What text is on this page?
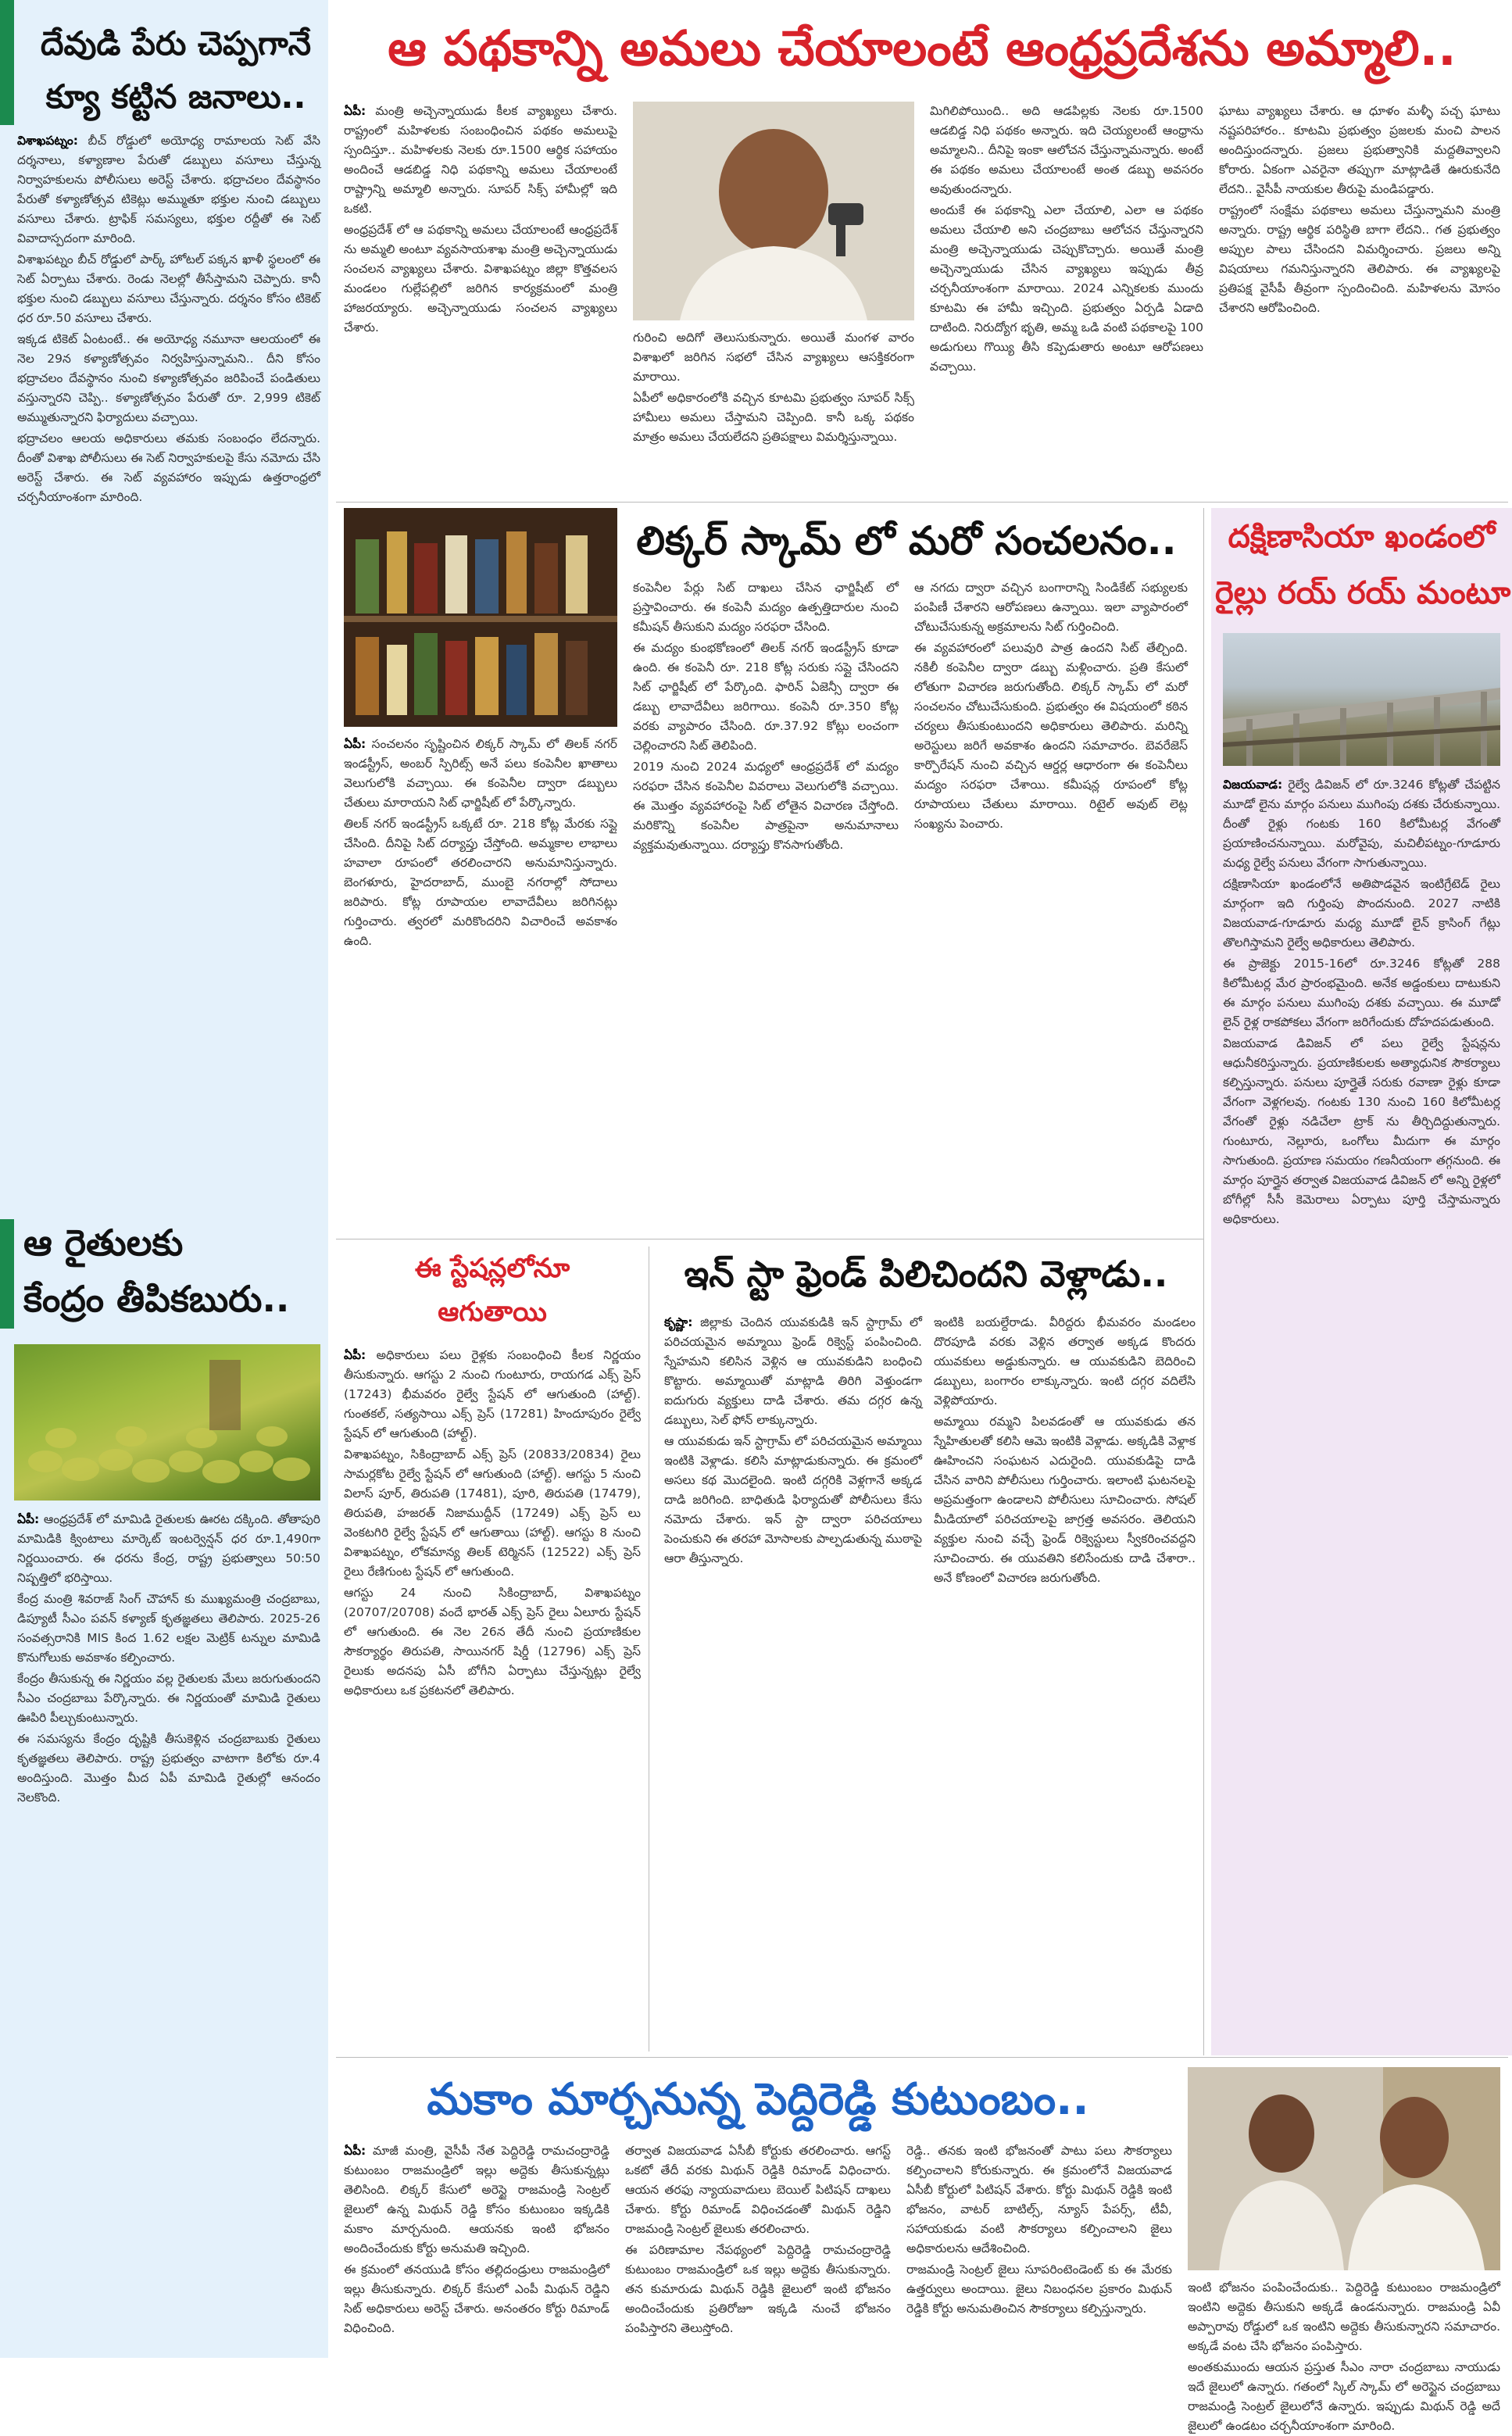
దేవుడి పేరు చెప్పగానే
క్యూ కట్టిన జనాలు..

విశాఖపట్నం: బీచ్ రోడ్డులో అయోధ్య రామాలయ సెట్ వేసి దర్శనాలు, కళ్యాణాల పేరుతో డబ్బులు వసూలు చేస్తున్న నిర్వాహకులను పోలీసులు అరెస్ట్ చేశారు. భద్రాచలం దేవస్థానం పేరుతో కళ్యాణోత్సవ టికెట్లు అమ్ముతూ భక్తుల నుంచి డబ్బులు వసూలు చేశారు. ట్రాఫిక్ సమస్యలు, భక్తుల రద్దీతో ఈ సెట్ వివాదాస్పదంగా మారింది.

విశాఖపట్నం బీచ్ రోడ్డులో పార్క్ హోటల్ పక్కన ఖాళీ స్థలంలో ఈ సెట్ ఏర్పాటు చేశారు. రెండు నెలల్లో తీసేస్తామని చెప్పారు. కానీ భక్తుల నుంచి డబ్బులు వసూలు చేస్తున్నారు. దర్శనం కోసం టికెట్ ధర రూ.50 వసూలు చేశారు.

ఇక్కడ టికెట్ ఏంటంటే.. ఈ అయోధ్య నమూనా ఆలయంలో ఈ నెల 29న కళ్యాణోత్సవం నిర్వహిస్తున్నామని.. దీని కోసం భద్రాచలం దేవస్థానం నుంచి కళ్యాణోత్సవం జరిపించే పండితులు వస్తున్నారని చెప్పి.. కళ్యాణోత్సవం పేరుతో రూ. 2,999 టికెట్ అమ్ముతున్నారని ఫిర్యాదులు వచ్చాయి.

భద్రాచలం ఆలయ అధికారులు తమకు సంబంధం లేదన్నారు. దీంతో విశాఖ పోలీసులు ఈ సెట్ నిర్వాహకులపై కేసు నమోదు చేసి అరెస్ట్ చేశారు. ఈ సెట్ వ్యవహారం ఇప్పుడు ఉత్తరాంధ్రలో చర్చనీయాంశంగా మారింది.

ఆ రైతులకు
కేంద్రం తీపికబురు..

ఏపీ: ఆంధ్రప్రదేశ్ లో మామిడి రైతులకు ఊరట దక్కింది. తోతాపురి మామిడికి క్వింటాలు మార్కెట్ ఇంటర్వెన్షన్ ధర రూ.1,490గా నిర్ణయించారు. ఈ ధరను కేంద్ర, రాష్ట్ర ప్రభుత్వాలు 50:50 నిష్పత్తిలో భరిస్తాయి.

కేంద్ర మంత్రి శివరాజ్ సింగ్ చౌహాన్ కు ముఖ్యమంత్రి చంద్రబాబు, డిప్యూటీ సీఎం పవన్ కళ్యాణ్ కృతజ్ఞతలు తెలిపారు. 2025-26 సంవత్సరానికి MIS కింద 1.62 లక్షల మెట్రిక్ టన్నుల మామిడి కొనుగోలుకు అవకాశం కల్పించారు.

కేంద్రం తీసుకున్న ఈ నిర్ణయం వల్ల రైతులకు మేలు జరుగుతుందని సీఎం చంద్రబాబు పేర్కొన్నారు. ఈ నిర్ణయంతో మామిడి రైతులు ఊపిరి పీల్చుకుంటున్నారు.

ఈ సమస్యను కేంద్రం దృష్టికి తీసుకెళ్లిన చంద్రబాబుకు రైతులు కృతజ్ఞతలు తెలిపారు. రాష్ట్ర ప్రభుత్వం వాటాగా కిలోకు రూ.4 అందిస్తుంది. మొత్తం మీద ఏపీ మామిడి రైతుల్లో ఆనందం నెలకొంది.

ఆ పథకాన్ని అమలు చేయాలంటే ఆంధ్రప్రదేశను అమ్మాలి..

ఏపీ: మంత్రి అచ్చెన్నాయుడు కీలక వ్యాఖ్యలు చేశారు. రాష్ట్రంలో మహిళలకు సంబంధించిన పథకం అమలుపై స్పందిస్తూ.. మహిళలకు నెలకు రూ.1500 ఆర్థిక సహాయం అందించే ఆడబిడ్డ నిధి పథకాన్ని అమలు చేయాలంటే రాష్ట్రాన్ని అమ్మాలి అన్నారు. సూపర్ సిక్స్ హామీల్లో ఇది ఒకటి.

అంధ్రప్రదేశ్ లో ఆ పథకాన్ని అమలు చేయాలంటే ఆంధ్రప్రదేశ్ ను అమ్మలి అంటూ వ్యవసాయశాఖ మంత్రి అచ్చెన్నాయుడు సంచలన వ్యాఖ్యలు చేశారు. విశాఖపట్నం జిల్లా కొత్తవలస మండలం గుల్లేపల్లిలో జరిగిన కార్యక్రమంలో మంత్రి హాజరయ్యారు. అచ్చెన్నాయుడు సంచలన వ్యాఖ్యలు చేశారు.

గురించి అదిగో తెలుసుకున్నారు. అయితే మంగళ వారం విశాఖలో జరిగిన సభలో చేసిన వ్యాఖ్యలు ఆసక్తికరంగా మారాయి.

ఏపీలో అధికారంలోకి వచ్చిన కూటమి ప్రభుత్వం సూపర్ సిక్స్ హామీలు అమలు చేస్తామని చెప్పింది. కానీ ఒక్క పథకం మాత్రం అమలు చేయలేదని ప్రతిపక్షాలు విమర్శిస్తున్నాయి.

మిగిలిపోయింది.. అది ఆడపిల్లకు నెలకు రూ.1500 ఆడబిడ్డ నిధి పథకం అన్నారు. ఇది చెయ్యలంటే ఆంధ్రాను అమ్మాలని.. దీనిపై ఇంకా ఆలోచన చేస్తున్నామన్నారు. అంటే ఈ పథకం అమలు చేయాలంటే అంత డబ్బు అవసరం అవుతుందన్నారు.

అందుకే ఈ పథకాన్ని ఎలా చేయాలి, ఎలా ఆ పథకం అమలు చేయాలి అని చంద్రబాబు ఆలోచన చేస్తున్నారని మంత్రి అచ్చెన్నాయుడు చెప్పుకొచ్చారు. అయితే మంత్రి అచ్చెన్నాయుడు చేసిన వ్యాఖ్యలు ఇప్పుడు తీవ్ర చర్చనీయాంశంగా మారాయి. 2024 ఎన్నికలకు ముందు కూటమి ఈ హామీ ఇచ్చింది. ప్రభుత్వం ఏర్పడి ఏడాది దాటింది. నిరుద్యోగ భృతి, అమ్మ ఒడి వంటి పథకాలపై 100 అడుగులు గొయ్యి తీసి కప్పెడుతారు అంటూ ఆరోపణలు వచ్చాయి.

ఘాటు వ్యాఖ్యలు చేశారు. ఆ ధూళం మళ్ళీ పచ్చ ఘాటు నష్టపరిహారం.. కూటమి ప్రభుత్వం ప్రజలకు మంచి పాలన అందిస్తుందన్నారు. ప్రజలు ప్రభుత్వానికి మద్దతివ్వాలని కోరారు. ఏకంగా ఎవరైనా తప్పుగా మాట్లాడితే ఊరుకునేది లేదని.. వైసీపీ నాయకుల తీరుపై మండిపడ్డారు.

రాష్ట్రంలో సంక్షేమ పథకాలు అమలు చేస్తున్నామని మంత్రి అన్నారు. రాష్ట్ర ఆర్థిక పరిస్థితి బాగా లేదని.. గత ప్రభుత్వం అప్పుల పాలు చేసిందని విమర్శించారు. ప్రజలు అన్ని విషయాలు గమనిస్తున్నారని తెలిపారు. ఈ వ్యాఖ్యలపై ప్రతిపక్ష వైసీపీ తీవ్రంగా స్పందించింది. మహిళలను మోసం చేశారని ఆరోపించింది.

లిక్కర్ స్కామ్ లో మరో సంచలనం..

ఏపీ: సంచలనం సృష్టించిన లిక్కర్ స్కామ్ లో తిలక్ నగర్ ఇండస్ట్రీస్, అంబర్ స్పిరిట్స్ అనే పలు కంపెనీల ఖాతాలు వెలుగులోకి వచ్చాయి. ఈ కంపెనీల ద్వారా డబ్బులు చేతులు మారాయని సిట్ ఛార్జిషీట్ లో పేర్కొన్నారు.

తిలక్ నగర్ ఇండస్ట్రీస్ ఒక్కటే రూ. 218 కోట్ల మేరకు సప్లై చేసింది. దీనిపై సిట్ దర్యాప్తు చేస్తోంది. అమ్మకాల లాభాలు హవాలా రూపంలో తరలించారని అనుమానిస్తున్నారు. బెంగళూరు, హైదరాబాద్, ముంబై నగరాల్లో సోదాలు జరిపారు. కోట్ల రూపాయల లావాదేవీలు జరిగినట్లు గుర్తించారు. త్వరలో మరికొందరిని విచారించే అవకాశం ఉంది.

కంపెనీల పేర్లు సిట్ దాఖలు చేసిన ఛార్జిషీట్ లో ప్రస్తావించారు. ఈ కంపెనీ మద్యం ఉత్పత్తిదారుల నుంచి కమీషన్ తీసుకుని మద్యం సరఫరా చేసింది.

ఈ మద్యం కుంభకోణంలో తిలక్ నగర్ ఇండస్ట్రీస్ కూడా ఉంది. ఈ కంపెనీ రూ. 218 కోట్ల సరుకు సప్లై చేసిందని సిట్ ఛార్జిషీట్ లో పేర్కొంది. ఫారిన్ ఏజెన్సీ ద్వారా ఈ డబ్బు లావాదేవీలు జరిగాయి. కంపెనీ రూ.350 కోట్ల వరకు వ్యాపారం చేసింది. రూ.37.92 కోట్లు లంచంగా చెల్లించారని సిట్ తెలిపింది.

2019 నుంచి 2024 మధ్యలో ఆంధ్రప్రదేశ్ లో మద్యం సరఫరా చేసిన కంపెనీల వివరాలు వెలుగులోకి వచ్చాయి. ఈ మొత్తం వ్యవహారంపై సిట్ లోతైన విచారణ చేస్తోంది. మరికొన్ని కంపెనీల పాత్రపైనా అనుమానాలు వ్యక్తమవుతున్నాయి. దర్యాప్తు కొనసాగుతోంది.

ఆ నగదు ద్వారా వచ్చిన బంగారాన్ని సిండికేట్ సభ్యులకు పంపిణీ చేశారని ఆరోపణలు ఉన్నాయి. ఇలా వ్యాపారంలో చోటుచేసుకున్న అక్రమాలను సిట్ గుర్తించింది.

ఈ వ్యవహారంలో పలువురి పాత్ర ఉందని సిట్ తేల్చింది. నకిలీ కంపెనీల ద్వారా డబ్బు మళ్లించారు. ప్రతి కేసులో లోతుగా విచారణ జరుగుతోంది. లిక్కర్ స్కామ్ లో మరో సంచలనం చోటుచేసుకుంది. ప్రభుత్వం ఈ విషయంలో కఠిన చర్యలు తీసుకుంటుందని అధికారులు తెలిపారు. మరిన్ని అరెస్టులు జరిగే అవకాశం ఉందని సమాచారం. బెవరేజెస్ కార్పొరేషన్ నుంచి వచ్చిన ఆర్డర్ల ఆధారంగా ఈ కంపెనీలు మద్యం సరఫరా చేశాయి. కమీషన్ల రూపంలో కోట్ల రూపాయలు చేతులు మారాయి. రిటైల్ అవుట్ లెట్ల సంఖ్యను పెంచారు.

దక్షిణాసియా ఖండంలో
రైల్లు రయ్ రయ్ మంటూ

విజయవాడ: రైల్వే డివిజన్ లో రూ.3246 కోట్లతో చేపట్టిన మూడో లైను మార్గం పనులు ముగింపు దశకు చేరుకున్నాయి. దీంతో రైళ్లు గంటకు 160 కిలోమీటర్ల వేగంతో ప్రయాణించనున్నాయి. మరోవైపు, మచిలీపట్నం-గూడూరు మధ్య రైల్వే పనులు వేగంగా సాగుతున్నాయి.

దక్షిణాసియా ఖండంలోనే అతిపొడవైన ఇంటిగ్రేటెడ్ రైలు మార్గంగా ఇది గుర్తింపు పొందనుంది. 2027 నాటికి విజయవాడ-గూడూరు మధ్య మూడో లైన్ క్రాసింగ్ గేట్లు తొలగిస్తామని రైల్వే అధికారులు తెలిపారు.

ఈ ప్రాజెక్టు 2015-16లో రూ.3246 కోట్లతో 288 కిలోమీటర్ల మేర ప్రారంభమైంది. అనేక అడ్డంకులు దాటుకుని ఈ మార్గం పనులు ముగింపు దశకు వచ్చాయి. ఈ మూడో లైన్ రైళ్ల రాకపోకలు వేగంగా జరిగేందుకు దోహదపడుతుంది.

విజయవాడ డివిజన్ లో పలు రైల్వే స్టేషన్లను ఆధునీకరిస్తున్నారు. ప్రయాణికులకు అత్యాధునిక సౌకర్యాలు కల్పిస్తున్నారు. పనులు పూర్తైతే సరుకు రవాణా రైళ్లు కూడా వేగంగా వెళ్లగలవు. గంటకు 130 నుంచి 160 కిలోమీటర్ల వేగంతో రైళ్లు నడిచేలా ట్రాక్ ను తీర్చిదిద్దుతున్నారు. గుంటూరు, నెల్లూరు, ఒంగోలు మీదుగా ఈ మార్గం సాగుతుంది. ప్రయాణ సమయం గణనీయంగా తగ్గనుంది. ఈ మార్గం పూర్తైన తర్వాత విజయవాడ డివిజన్ లో అన్ని రైళ్లలో బోగీల్లో సీసీ కెమెరాలు ఏర్పాటు పూర్తి చేస్తామన్నారు అధికారులు.

ఈ స్టేషన్లలోనూ
ఆగుతాయి

ఏపీ: అధికారులు పలు రైళ్లకు సంబంధించి కీలక నిర్ణయం తీసుకున్నారు. ఆగస్టు 2 నుంచి గుంటూరు, రాయగడ ఎక్స్ ప్రెస్ (17243) భీమవరం రైల్వే స్టేషన్ లో ఆగుతుంది (హాల్ట్). గుంతకల్, సత్యసాయి ఎక్స్ ప్రెస్ (17281) హిందూపురం రైల్వే స్టేషన్ లో ఆగుతుంది (హాల్ట్).

విశాఖపట్నం, సికింద్రాబాద్ ఎక్స్ ప్రెస్ (20833/20834) రైలు సామర్లకోట రైల్వే స్టేషన్ లో ఆగుతుంది (హాల్ట్). ఆగస్టు 5 నుంచి విలాస్ పూర్, తిరుపతి (17481), పూరి, తిరుపతి (17479), తిరుపతి, హజరత్ నిజాముద్దీన్ (17249) ఎక్స్ ప్రెస్ లు వెంకటగిరి రైల్వే స్టేషన్ లో ఆగుతాయి (హాల్ట్). ఆగస్టు 8 నుంచి విశాఖపట్నం, లోకమాన్య తిలక్ టెర్మినస్ (12522) ఎక్స్ ప్రెస్ రైలు రేణిగుంట స్టేషన్ లో ఆగుతుంది.

ఆగస్టు 24 నుంచి సికింద్రాబాద్, విశాఖపట్నం (20707/20708) వందే భారత్ ఎక్స్ ప్రెస్ రైలు ఏలూరు స్టేషన్ లో ఆగుతుంది. ఈ నెల 26న తేదీ నుంచి ప్రయాణికుల సౌకర్యార్థం తిరుపతి, సాయినగర్ షిర్డీ (12796) ఎక్స్ ప్రెస్ రైలుకు అదనపు ఏసీ బోగీని ఏర్పాటు చేస్తున్నట్లు రైల్వే అధికారులు ఒక ప్రకటనలో తెలిపారు.

ఇన్ స్టా ఫ్రెండ్ పిలిచిందని వెళ్లాడు..

కృష్ణా: జిల్లాకు చెందిన యువకుడికి ఇన్ స్టాగ్రామ్ లో పరిచయమైన అమ్మాయి ఫ్రెండ్ రిక్వెస్ట్ పంపించింది. స్నేహమని కలిసిన వెళ్లిన ఆ యువకుడిని బంధించి కొట్టారు. అమ్మాయితో మాట్లాడి తిరిగి వెళ్తుండగా ఐదుగురు వ్యక్తులు దాడి చేశారు. తమ దగ్గర ఉన్న డబ్బులు, సెల్ ఫోన్ లాక్కున్నారు.

ఆ యువకుడు ఇన్ స్టాగ్రామ్ లో పరిచయమైన అమ్మాయి ఇంటికి వెళ్లాడు. కలిసి మాట్లాడుకున్నారు. ఈ క్రమంలో అసలు కథ మొదలైంది. ఇంటి దగ్గరికి వెళ్లగానే అక్కడ దాడి జరిగింది. బాధితుడి ఫిర్యాదుతో పోలీసులు కేసు నమోదు చేశారు. ఇన్ స్టా ద్వారా పరిచయాలు పెంచుకుని ఈ తరహా మోసాలకు పాల్పడుతున్న ముఠాపై ఆరా తీస్తున్నారు.

ఇంటికి బయల్దేరాడు. వీరిద్దరు భీమవరం మండలం దొరపూడి వరకు వెళ్లిన తర్వాత అక్కడ కొందరు యువకులు అడ్డుకున్నారు. ఆ యువకుడిని బెదిరించి డబ్బులు, బంగారం లాక్కున్నారు. ఇంటి దగ్గర వదిలేసి వెళ్లిపోయారు.

అమ్మాయి రమ్మని పిలవడంతో ఆ యువకుడు తన స్నేహితులతో కలిసి ఆమె ఇంటికి వెళ్లాడు. అక్కడికి వెళ్లాక ఊహించని సంఘటన ఎదురైంది. యువకుడిపై దాడి చేసిన వారిని పోలీసులు గుర్తించారు. ఇలాంటి ఘటనలపై అప్రమత్తంగా ఉండాలని పోలీసులు సూచించారు. సోషల్ మీడియాలో పరిచయాలపై జాగ్రత్త అవసరం. తెలియని వ్యక్తుల నుంచి వచ్చే ఫ్రెండ్ రిక్వెస్టులు స్వీకరించవద్దని సూచించారు. ఈ యువతిని కలిసేందుకు దాడి చేశారా.. అనే కోణంలో విచారణ జరుగుతోంది.

మకాం మార్చనున్న పెద్దిరెడ్డి కుటుంబం..

ఏపీ: మాజీ మంత్రి, వైసీపీ నేత పెద్దిరెడ్డి రామచంద్రారెడ్డి కుటుంబం రాజమండ్రిలో ఇల్లు అద్దెకు తీసుకున్నట్లు తెలిసింది. లిక్కర్ కేసులో అరెస్టై రాజమండ్రి సెంట్రల్ జైలులో ఉన్న మిథున్ రెడ్డి కోసం కుటుంబం ఇక్కడికి మకాం మార్చనుంది. ఆయనకు ఇంటి భోజనం అందించేందుకు కోర్టు అనుమతి ఇచ్చింది.

ఈ క్రమంలో తనయుడి కోసం తల్లిదండ్రులు రాజమండ్రిలో ఇల్లు తీసుకున్నారు. లిక్కర్ కేసులో ఎంపీ మిథున్ రెడ్డిని సిట్ అధికారులు అరెస్ట్ చేశారు. అనంతరం కోర్టు రిమాండ్ విధించింది.

తర్వాత విజయవాడ ఏసీబీ కోర్టుకు తరలించారు. ఆగస్ట్ ఒకటో తేదీ వరకు మిథున్ రెడ్డికి రిమాండ్ విధించారు. ఆయన తరఫు న్యాయవాదులు బెయిల్ పిటిషన్ దాఖలు చేశారు. కోర్టు రిమాండ్ విధించడంతో మిథున్ రెడ్డిని రాజమండ్రి సెంట్రల్ జైలుకు తరలించారు.

ఈ పరిణామాల నేపథ్యంలో పెద్దిరెడ్డి రామచంద్రారెడ్డి కుటుంబం రాజమండ్రిలో ఒక ఇల్లు అద్దెకు తీసుకున్నారు. తన కుమారుడు మిథున్ రెడ్డికి జైలులో ఇంటి భోజనం అందించేందుకు ప్రతిరోజూ ఇక్కడి నుంచే భోజనం పంపిస్తారని తెలుస్తోంది.

రెడ్డి.. తనకు ఇంటి భోజనంతో పాటు పలు సౌకర్యాలు కల్పించాలని కోరుకున్నారు. ఈ క్రమంలోనే విజయవాడ ఏసీబీ కోర్టులో పిటిషన్ వేశారు. కోర్టు మిథున్ రెడ్డికి ఇంటి భోజనం, వాటర్ బాటిల్స్, న్యూస్ పేపర్స్, టీవీ, సహాయకుడు వంటి సౌకర్యాలు కల్పించాలని జైలు అధికారులను ఆదేశించింది.

రాజమండ్రి సెంట్రల్ జైలు సూపరింటెండెంట్ కు ఈ మేరకు ఉత్తర్వులు అందాయి. జైలు నిబంధనల ప్రకారం మిథున్ రెడ్డికి కోర్టు అనుమతించిన సౌకర్యాలు కల్పిస్తున్నారు.

ఇంటి భోజనం పంపించేందుకు.. పెద్దిరెడ్డి కుటుంబం రాజమండ్రిలో ఇంటిని అద్దెకు తీసుకుని అక్కడే ఉండనున్నారు. రాజమండ్రి ఏవీ అప్పారావు రోడ్డులో ఒక ఇంటిని అద్దెకు తీసుకున్నారని సమాచారం. అక్కడే వంట చేసి భోజనం పంపిస్తారు.

అంతకుముందు ఆయన ప్రస్తుత సీఎం నారా చంద్రబాబు నాయుడు ఇదే జైలులో ఉన్నారు. గతంలో స్కిల్ స్కామ్ లో అరెస్టైన చంద్రబాబు రాజమండ్రి సెంట్రల్ జైలులోనే ఉన్నారు. ఇప్పుడు మిథున్ రెడ్డి అదే జైలులో ఉండటం చర్చనీయాంశంగా మారింది.
